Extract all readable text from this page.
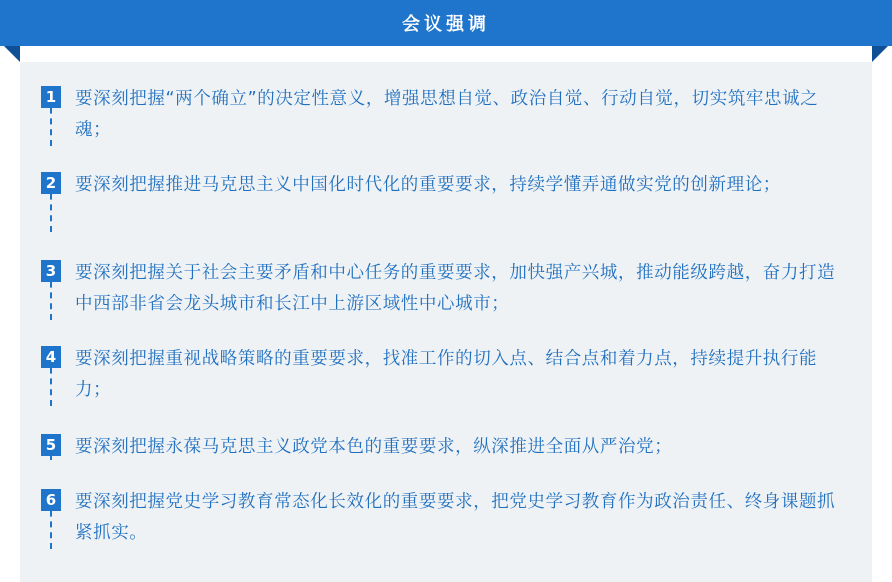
会议强调
1 要深刻把握“两个确立”的决定性意义，增强思想自觉、政治自觉、行动自觉，切实筑牢忠诚之魂；
2 要深刻把握推进马克思主义中国化时代化的重要要求，持续学懂弄通做实党的创新理论；
3 要深刻把握关于社会主要矛盾和中心任务的重要要求，加快强产兴城，推动能级跨越，奋力打造中西部非省会龙头城市和长江中上游区域性中心城市；
4 要深刻把握重视战略策略的重要要求，找准工作的切入点、结合点和着力点，持续提升执行能力；
5 要深刻把握永葆马克思主义政党本色的重要要求，纵深推进全面从严治党；
6 要深刻把握党史学习教育常态化长效化的重要要求，把党史学习教育作为政治责任、终身课题抓紧抓实。
